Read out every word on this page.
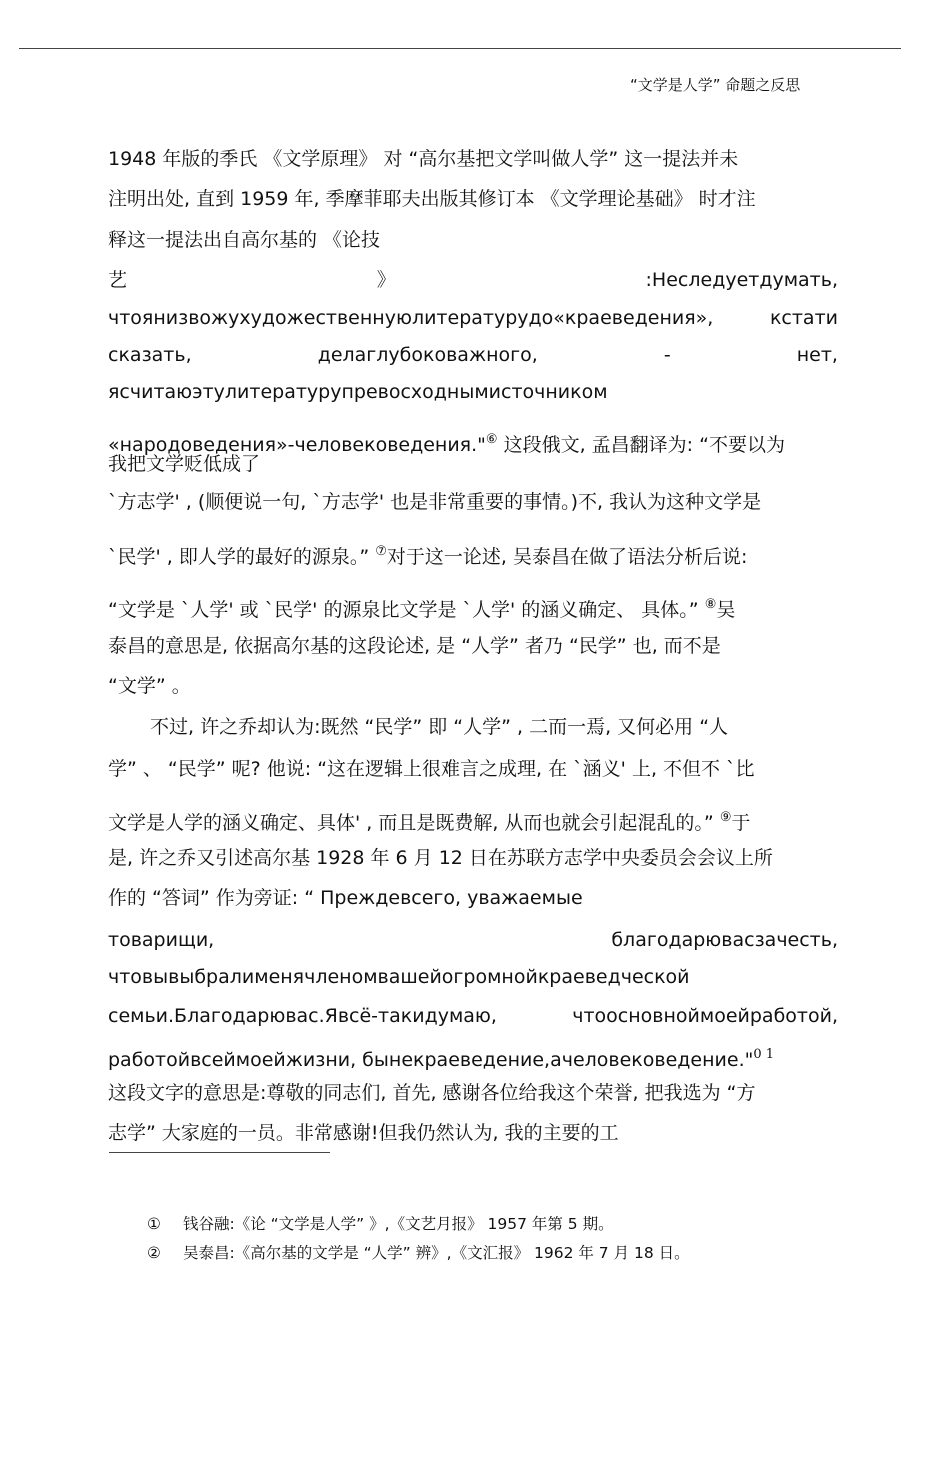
“文学是人学” 命题之反思
1948 年版的季氏 《文学原理》 对 “高尔基把文学叫做人学” 这一提法并未
注明出处, 直到 1959 年, 季摩菲耶夫出版其修订本 《文学理论基础》 时才注
释这一提法出自高尔基的 《论技
艺	》	:Неследуетдумать,
чтоянизвожухудожественнуюлитературудо«краеведения»,	кстати
сказать,	делаглубоковажного,	-	нет,
ясчитаюэтулитературупревосходнымисточником
«народоведения»-человековедения."⑥ 这段俄文, 孟昌翻译为: “不要以为
我把文学贬低成了
`方志学' , (顺便说一句, `方志学' 也是非常重要的事情。)不, 我认为这种文学是
`民学' , 即人学的最好的源泉。” ⑦对于这一论述, 吴泰昌在做了语法分析后说:
“文学是 `人学' 或 `民学' 的源泉比文学是 `人学' 的涵义确定、 具体。” ⑧吴
泰昌的意思是, 依据高尔基的这段论述, 是 “人学” 者乃 “民学” 也, 而不是
“文学” 。
不过, 许之乔却认为:既然 “民学” 即 “人学” , 二而一焉, 又何必用 “人
学” 、 “民学” 呢? 他说: “这在逻辑上很难言之成理, 在 `涵义' 上, 不但不 `比
文学是人学的涵义确定、具体' , 而且是既费解, 从而也就会引起混乱的。” ⑨于
是, 许之乔又引述高尔基 1928 年 6 月 12 日在苏联方志学中央委员会会议上所
作的 “答词” 作为旁证: “ Преждевсего, уважаемые
товарищи,	благодарювасзачесть,
чтовывыбралименячленомвашейогромнойкраеведческой
семьи.Благодарювас.Явсё-такидумаю,	чтоосновноймоейработой,
работойвсеймоейжизни, бынекраеведение,ачеловековедение."$^{0 1}$
这段文字的意思是:尊敬的同志们, 首先, 感谢各位给我这个荣誉, 把我选为 “方
志学” 大家庭的一员。非常感谢!但我仍然认为, 我的主要的工
① 钱谷融:《论 “文学是人学” 》,《文艺月报》 1957 年第 5 期。
② 吴泰昌:《高尔基的文学是 “人学” 辨》,《文汇报》 1962 年 7 月 18 日。
